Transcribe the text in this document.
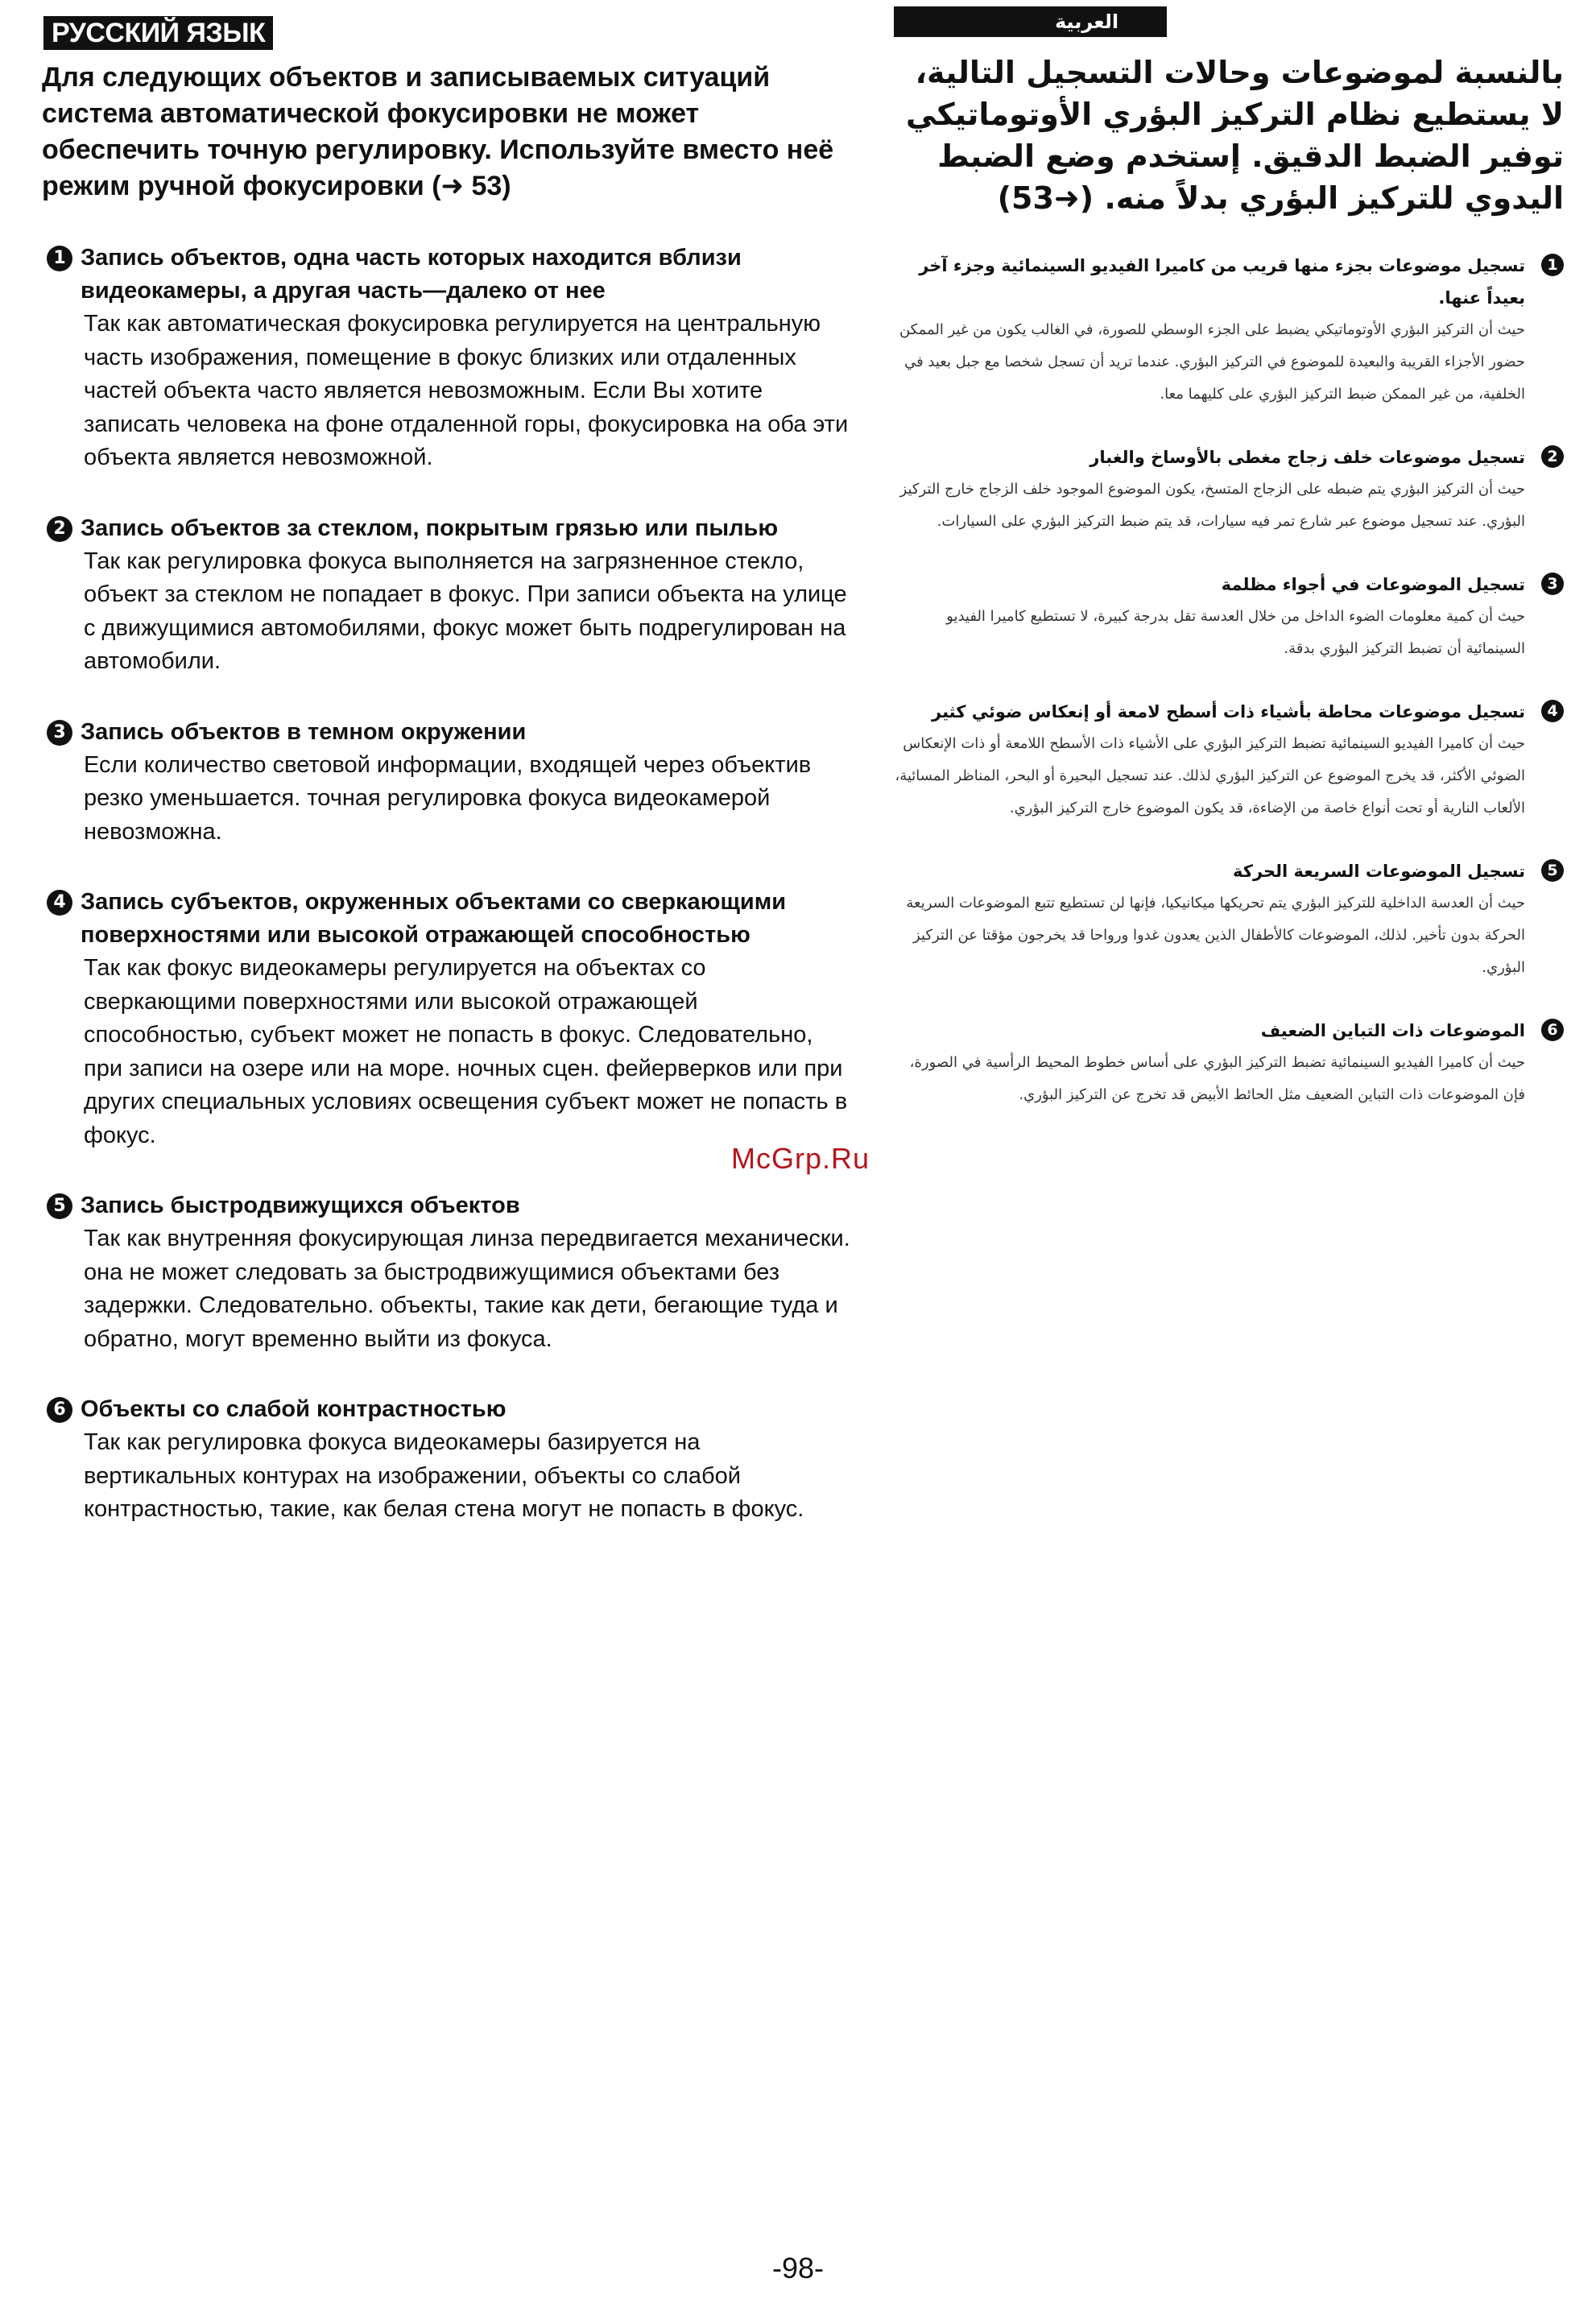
РУССКИЙ ЯЗЫК
Для следующих объектов и записываемых ситуаций система автоматической фокусировки не может обеспечить точную регулировку. Используйте вместо неё режим ручной фокусировки (➜ 53)
1 Запись объектов, одна часть которых находится вблизи видеокамеры, а другая часть—далеко от нее
Так как автоматическая фокусировка регулируется на центральную часть изображения, помещение в фокус близких или отдаленных частей объекта часто является невозможным. Если Вы хотите записать человека на фоне отдаленной горы, фокусировка на оба эти объекта является невозможной.
2 Запись объектов за стеклом, покрытым грязью или пылью
Так как регулировка фокуса выполняется на загрязненное стекло, объект за стеклом не попадает в фокус. При записи объекта на улице с движущимися автомобилями, фокус может быть подрегулирован на автомобили.
3 Запись объектов в темном окружении
Если количество световой информации, входящей через объектив резко уменьшается. точная регулировка фокуса видеокамерой невозможна.
4 Запись субъектов, окруженных объектами со сверкающими поверхностями или высокой отражающей способностью
Так как фокус видеокамеры регулируется на объектах со сверкающими поверхностями или высокой отражающей способностью, субъект может не попасть в фокус. Следовательно, при записи на озере или на море. ночных сцен. фейерверков или при других специальных условиях освещения субъект может не попасть в фокус.
5 Запись быстродвижущихся объектов
Так как внутренняя фокусирующая линза передвигается механически. она не может следовать за быстродвижущимися объектами без задержки. Следовательно. объекты, такие как дети, бегающие туда и обратно, могут временно выйти из фокуса.
6 Объекты со слабой контрастностью
Так как регулировка фокуса видеокамеры базируется на вертикальных контурах на изображении, объекты со слабой контрастностью, такие, как белая стена могут не попасть в фокус.
العربية
بالنسبة لموضوعات وحالات التسجيل التالية، لا يستطيع نظام التركيز البؤري الأوتوماتيكي توفير الضبط الدقيق. إستخدم وضع الضبط اليدوي للتركيز البؤري بدلاً منه. (➜53)
1
تسجيل موضوعات بجزء منها قريب من كاميرا الفيديو السينمائية وجزء آخر بعيداً عنها.
حيث أن التركيز البؤري الأوتوماتيكي يضبط على الجزء الوسطي للصورة، في الغالب يكون من غير الممكن حضور الأجزاء القريبة والبعيدة للموضوع في التركيز البؤري. عندما تريد أن تسجل شخصا مع جبل بعيد في الخلفية، من غير الممكن ضبط التركيز البؤري على كليهما معا.
2
تسجيل موضوعات خلف زجاج مغطى بالأوساخ والغبار
حيث أن التركيز البؤري يتم ضبطه على الزجاج المتسخ، يكون الموضوع الموجود خلف الزجاج خارج التركيز البؤري. عند تسجيل موضوع عبر شارع تمر فيه سيارات، قد يتم ضبط التركيز البؤري على السيارات.
3
تسجيل الموضوعات في أجواء مظلمة
حيث أن كمية معلومات الضوء الداخل من خلال العدسة تقل بدرجة كبيرة، لا تستطيع كاميرا الفيديو السينمائية أن تضبط التركيز البؤري بدقة.
4
تسجيل موضوعات محاطة بأشياء ذات أسطح لامعة أو إنعكاس ضوئي كثير
حيث أن كاميرا الفيديو السينمائية تضبط التركيز البؤري على الأشياء ذات الأسطح اللامعة أو ذات الإنعكاس الضوئي الأكثر، قد يخرج الموضوع عن التركيز البؤري لذلك. عند تسجيل البحيرة أو البحر، المناظر المسائية، الألعاب النارية أو تحت أنواع خاصة من الإضاءة، قد يكون الموضوع خارج التركيز البؤري.
5
تسجيل الموضوعات السريعة الحركة
حيث أن العدسة الداخلية للتركيز البؤري يتم تحريكها ميكانيكيا، فإنها لن تستطيع تتبع الموضوعات السريعة الحركة بدون تأخير. لذلك، الموضوعات كالأطفال الذين يعدون غدوا ورواحا قد يخرجون مؤقتا عن التركيز البؤري.
6
الموضوعات ذات التباين الضعيف
حيث أن كاميرا الفيديو السينمائية تضبط التركيز البؤري على أساس خطوط المحيط الرأسية في الصورة، فإن الموضوعات ذات التباين الضعيف مثل الحائط الأبيض قد تخرج عن التركيز البؤري.
McGrp.Ru
-98-
